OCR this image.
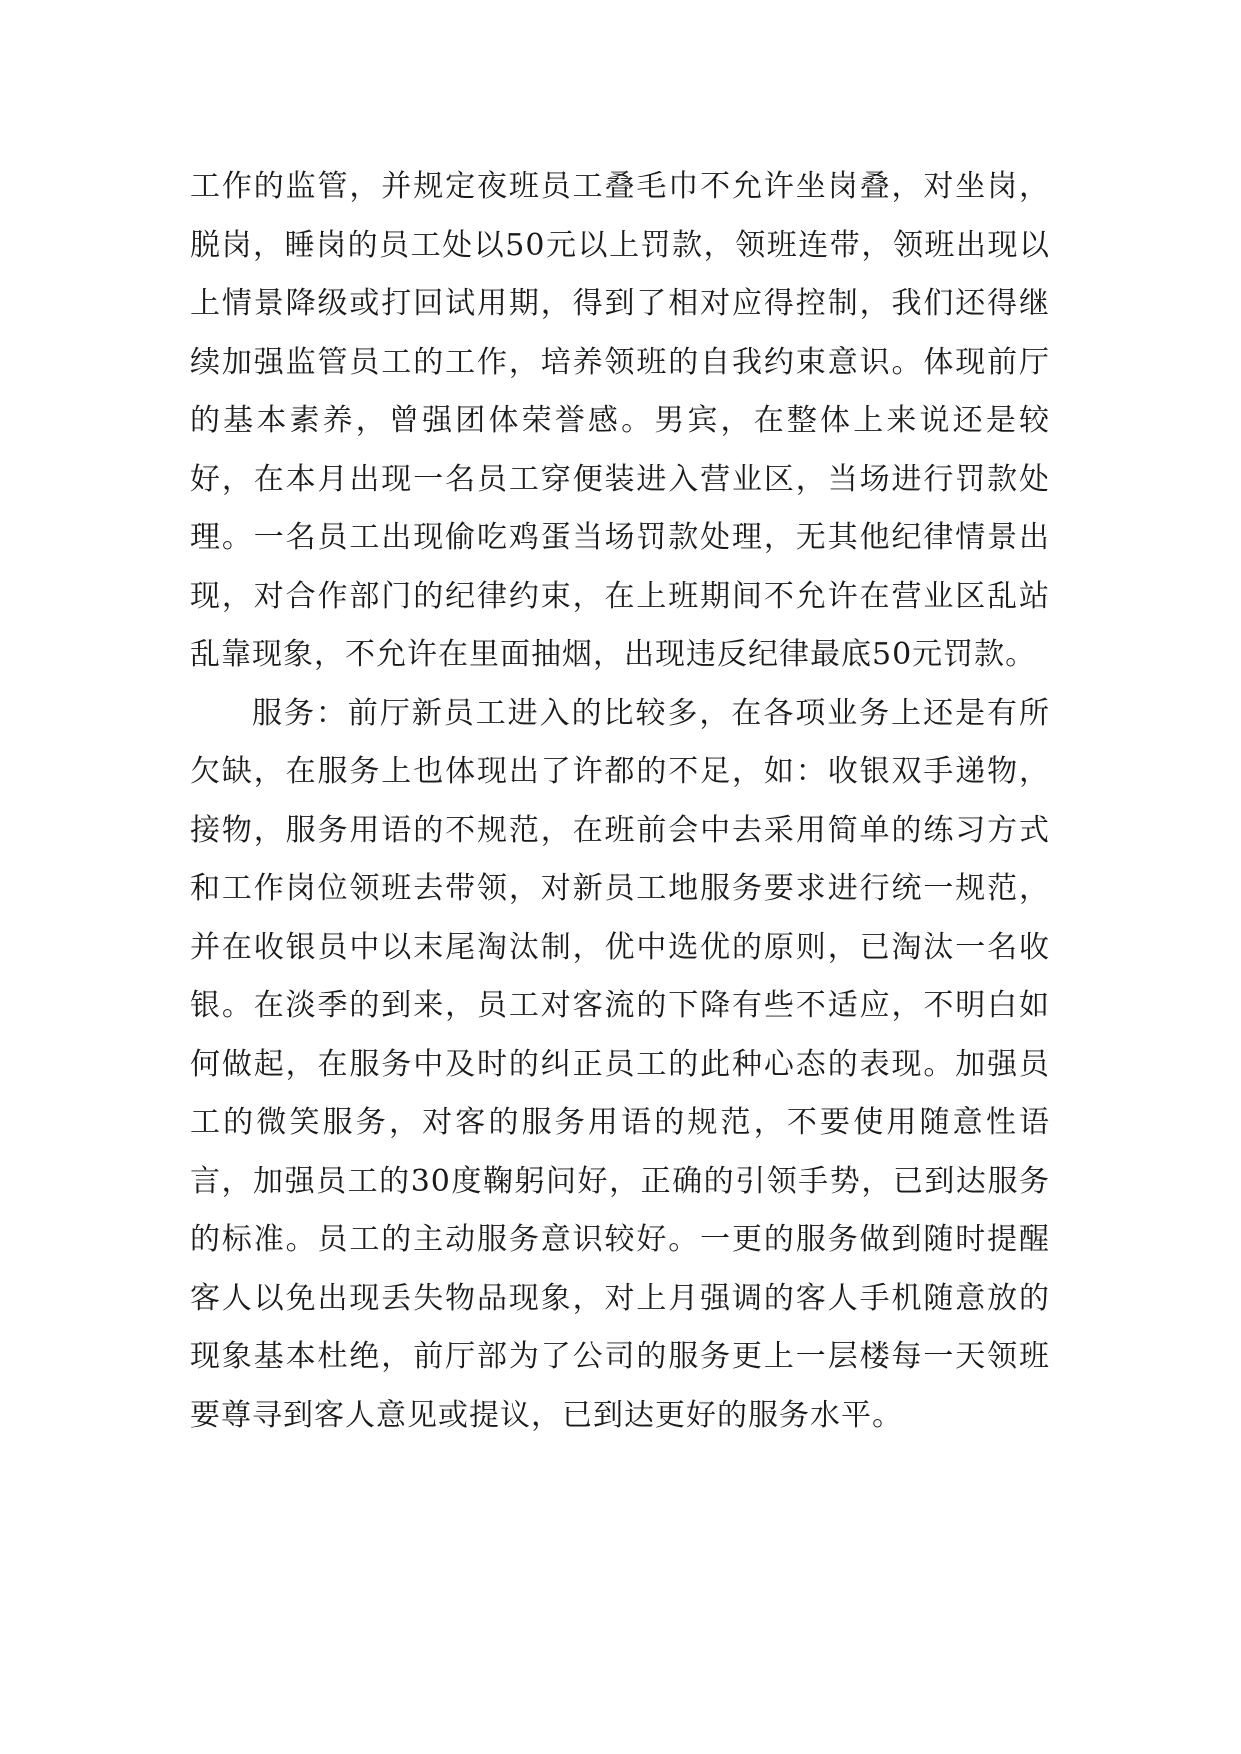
工作的监管，并规定夜班员工叠毛巾不允许坐岗叠，对坐岗，脱岗，睡岗的员工处以50元以上罚款，领班连带，领班出现以上情景降级或打回试用期，得到了相对应得控制，我们还得继续加强监管员工的工作，培养领班的自我约束意识。体现前厅的基本素养，曾强团体荣誉感。男宾，在整体上来说还是较好，在本月出现一名员工穿便装进入营业区，当场进行罚款处理。一名员工出现偷吃鸡蛋当场罚款处理，无其他纪律情景出现，对合作部门的纪律约束，在上班期间不允许在营业区乱站乱靠现象，不允许在里面抽烟，出现违反纪律最底50元罚款。

服务：前厅新员工进入的比较多，在各项业务上还是有所欠缺，在服务上也体现出了许都的不足，如：收银双手递物，接物，服务用语的不规范，在班前会中去采用简单的练习方式和工作岗位领班去带领，对新员工地服务要求进行统一规范，并在收银员中以末尾淘汰制，优中选优的原则，已淘汰一名收银。在淡季的到来，员工对客流的下降有些不适应，不明白如何做起，在服务中及时的纠正员工的此种心态的表现。加强员工的微笑服务，对客的服务用语的规范，不要使用随意性语言，加强员工的30度鞠躬问好，正确的引领手势，已到达服务的标准。员工的主动服务意识较好。一更的服务做到随时提醒客人以免出现丢失物品现象，对上月强调的客人手机随意放的现象基本杜绝，前厅部为了公司的服务更上一层楼每一天领班要尊寻到客人意见或提议，已到达更好的服务水平。
